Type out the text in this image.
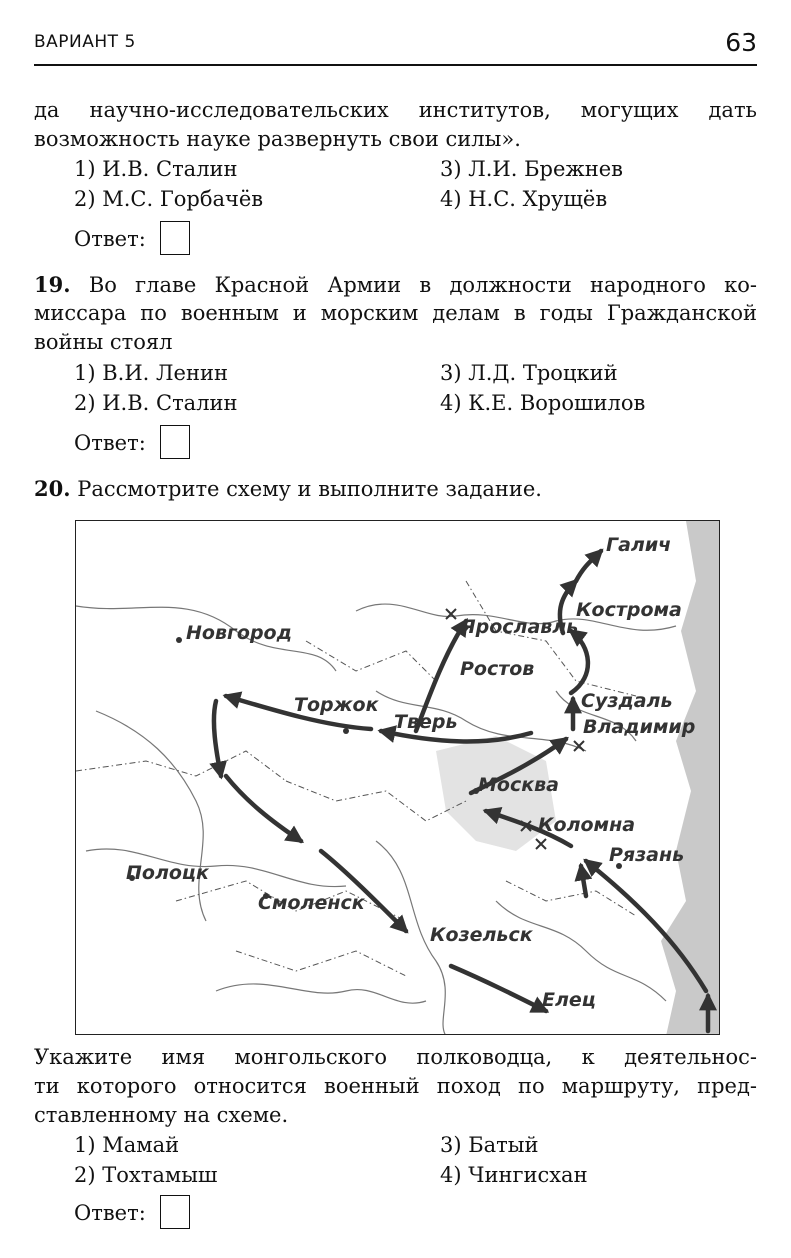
ВАРИАНТ 5	63
да научно-исследовательских институтов, могущих дать
возможность науке развернуть свои силы».
1) И.В. Сталин	3) Л.И. Брежнев
2) М.С. Горбачёв	4) Н.С. Хрущёв
Ответ:
19. Во главе Красной Армии в должности народного ко-
миссара по военным и морским делам в годы Гражданской
войны стоял
1) В.И. Ленин	3) Л.Д. Троцкий
2) И.В. Сталин	4) К.Е. Ворошилов
Ответ:
20. Рассмотрите схему и выполните задание.
Галич
Кострома
Ярославль
Новгород
Ростов
Торжок
Тверь
Суздаль
Владимир
Москва
Коломна
Рязань
Полоцк
Смоленск
Козельск
Елец
Укажите имя монгольского полководца, к деятельнос-
ти которого относится военный поход по маршруту, пред-
ставленному на схеме.
1) Мамай	3) Батый
2) Тохтамыш	4) Чингисхан
Ответ:
